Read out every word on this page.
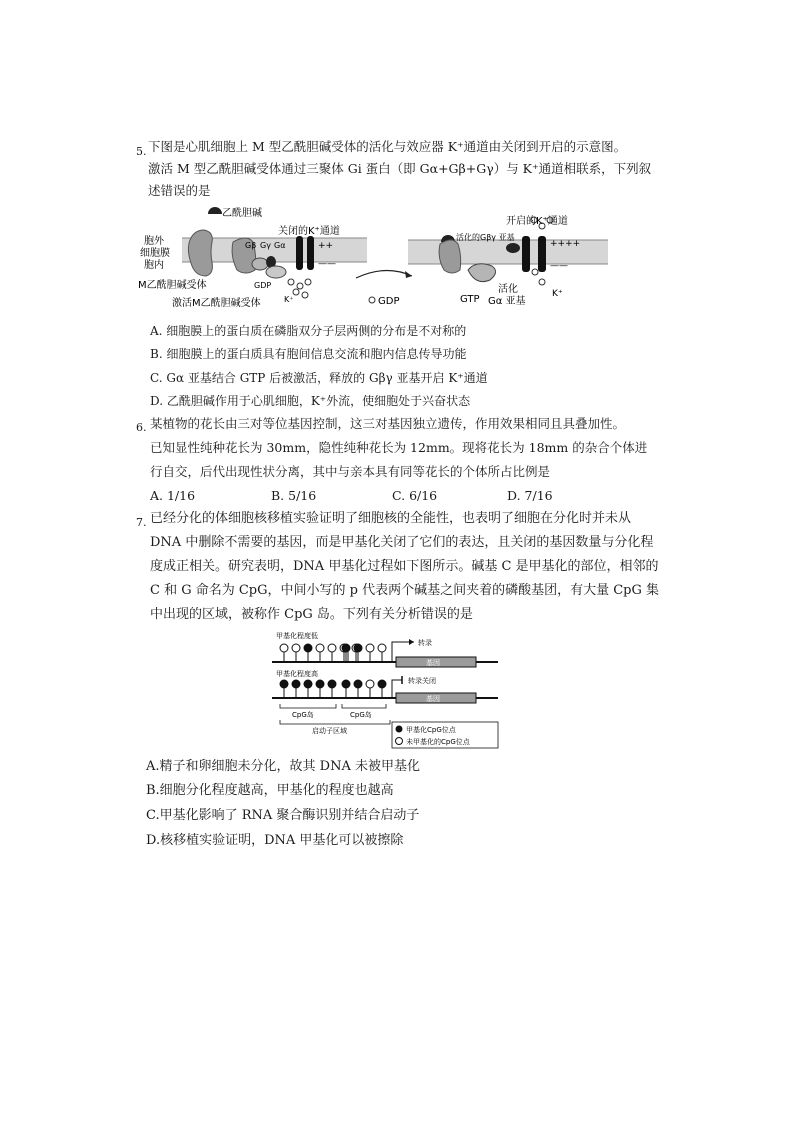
5. 下图是心肌细胞上 M 型乙酰胆碱受体的活化与效应器 K⁺通道由关闭到开启的示意图。
激活 M 型乙酰胆碱受体通过三聚体 Gi 蛋白（即 Gα+Gβ+Gγ）与 K⁺通道相联系，下列叙
述错误的是
乙酰胆碱
关闭的K⁺通道
胞外
细胞膜
胞内
M乙酰胆碱受体
激活M乙酰胆碱受体
Gβ Gγ Gα
GDP
K⁺
++
——
GDP
开启的K⁺通道
活化的Gβγ 亚基
++++
——
GTP
活化
Gα 亚基
K⁺
A. 细胞膜上的蛋白质在磷脂双分子层两侧的分布是不对称的
B. 细胞膜上的蛋白质具有胞间信息交流和胞内信息传导功能
C. Gα 亚基结合 GTP 后被激活，释放的 Gβγ 亚基开启 K⁺通道
D. 乙酰胆碱作用于心肌细胞，K⁺外流，使细胞处于兴奋状态
6. 某植物的花长由三对等位基因控制，这三对基因独立遗传，作用效果相同且具叠加性。
已知显性纯种花长为 30mm，隐性纯种花长为 12mm。现将花长为 18mm 的杂合个体进
行自交，后代出现性状分离，其中与亲本具有同等花长的个体所占比例是
A. 1/16	B. 5/16	C. 6/16	D. 7/16
7. 已经分化的体细胞核移植实验证明了细胞核的全能性，也表明了细胞在分化时并未从
DNA 中删除不需要的基因，而是甲基化关闭了它们的表达，且关闭的基因数量与分化程
度成正相关。研究表明，DNA 甲基化过程如下图所示。碱基 C 是甲基化的部位，相邻的
C 和 G 命名为 CpG，中间小写的 p 代表两个碱基之间夹着的磷酸基团，有大量 CpG 集
中出现的区域，被称作 CpG 岛。下列有关分析错误的是
甲基化程度低
基因
转录
甲基化程度高
基因
转录关闭
CpG岛	CpG岛
启动子区域	甲基化CpG位点
未甲基化的CpG位点
A.精子和卵细胞未分化，故其 DNA 未被甲基化
B.细胞分化程度越高，甲基化的程度也越高
C.甲基化影响了 RNA 聚合酶识别并结合启动子
D.核移植实验证明，DNA 甲基化可以被擦除
